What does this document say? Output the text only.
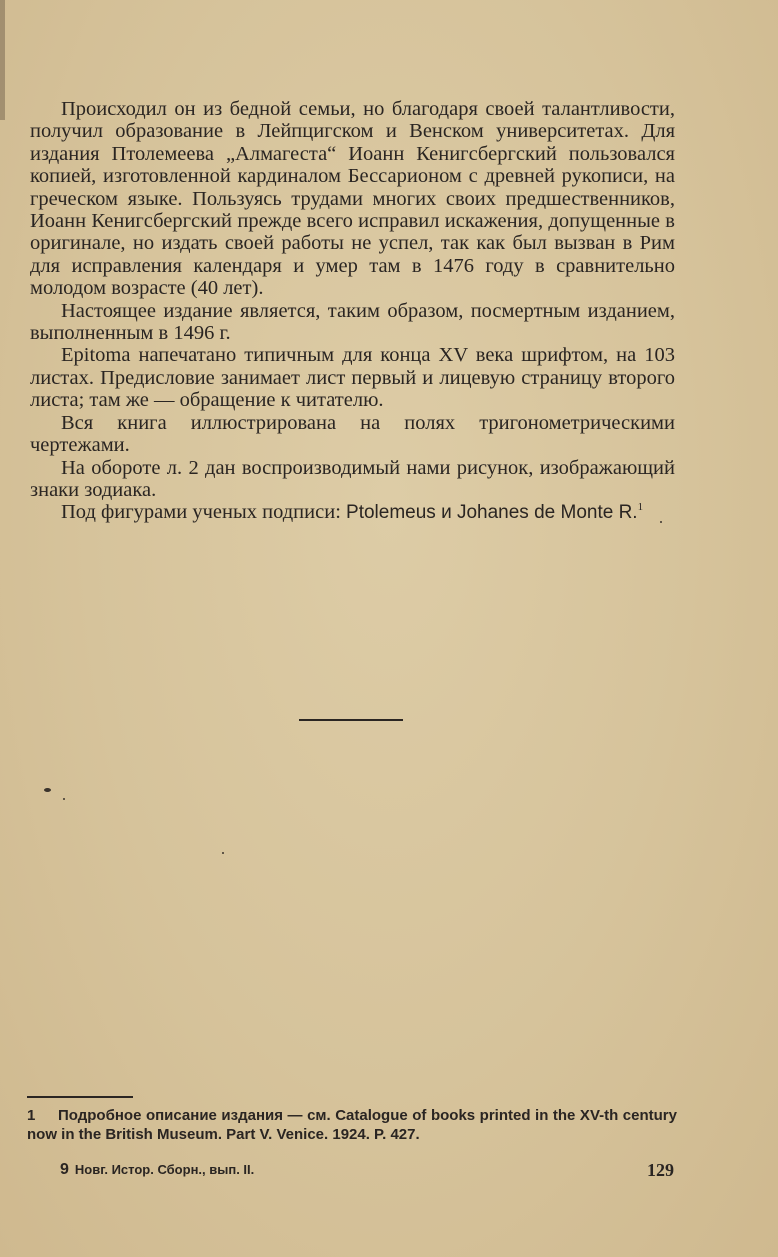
Происходил он из бедной семьи, но благодаря своей талантливости, получил образование в Лейпцигском и Венском университетах. Для издания Птолемеева „Алмагеста“ Иоанн Кенигсбергский пользовался копией, изготовленной кардиналом Бессарионом с древней рукописи, на греческом языке. Пользуясь трудами многих своих предшественников, Иоанн Кенигсбергский прежде всего исправил искажения, допущенные в оригинале, но издать своей работы не успел, так как был вызван в Рим для исправления календаря и умер там в 1476 году в сравнительно молодом возрасте (40 лет).

Настоящее издание является, таким образом, посмертным изданием, выполненным в 1496 г.

Epitoma напечатано типичным для конца XV века шрифтом, на 103 листах. Предисловие занимает лист первый и лицевую страницу второго листа; там же — обращение к читателю.

Вся книга иллюстрирована на полях тригонометрическими чертежами.

На обороте л. 2 дан воспроизводимый нами рисунок, изображающий знаки зодиака.

Под фигурами ученых подписи: Ptolemeus и Johanes de Monte R.$^1$

1 Подробное описание издания — см. Catalogue of books printed in the XV-th century now in the British Museum. Part V. Venice. 1924. P. 427.
9 Новг. Истор. Сборн., вып. II.	129
